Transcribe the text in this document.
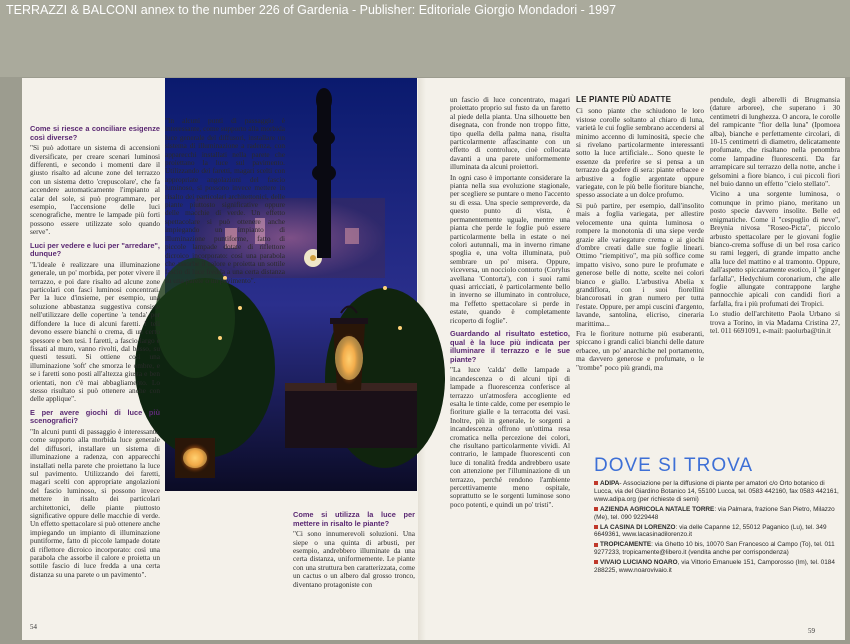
TERRAZZI & BALCONI annex to the number 226 of Gardenia - Publisher: Editoriale Giorgio Mondadori - 1997
Come si riesce a conciliare esigenze così diverse?

"Si può adottare un sistema di accensioni diversificate, per creare scenari luminosi differenti, e secondo i momenti dare il giusto risalto ad alcune zone del terrazzo con un sistema detto 'crepuscolare', che fa accendere automaticamente l'impianto al calar del sole, si può programmare, per esempio, l'accensione delle luci scenografiche, mentre le lampade più forti possono essere utilizzate solo quando serve".

Luci per vedere e luci per "arredare", dunque?

"L'ideale è realizzare una illuminazione generale, un po' morbida, per poter vivere il terrazzo, e poi dare risalto ad alcune zone particolari con fasci luminosi concentrati. Per la luce d'insieme, per esempio, una soluzione abbastanza suggestiva consiste nell'utilizzare delle copertine 'a tenda' per diffondere la luce di alcuni faretti. I teli devono essere bianchi o crema, di un certo spessore e ben tesi. I faretti, a fascio largo e fissati al muro, vanno rivolti, dal basso, su questi tessuti. Si ottiene così una illuminazione 'soft' che smorza le ombre, e se i faretti sono posti all'altezza giusta e ben orientati, non c'è mai abbagliamento. Lo stesso risultato si può ottenere anche con delle applique".

E per avere giochi di luce più scenografici?

"In alcuni punti di passaggio è interessante, come supporto alla morbida luce generale del diffusori, installare un sistema di illuminazione a radenza, con apparecchi installati nella parete che proiettano la luce sul pavimento. Utilizzando dei faretti, magari scelti con appropriate angolazioni del fascio luminoso, si possono invece mettere in risalto dei particolari architettonici, delle piante piuttosto significative oppure delle macchie di verde. Un effetto spettacolare si può ottenere anche impiegando un impianto di illuminazione puntiforme, fatto di piccole lampade dotate di riflettore dicroico incorporato: così una parabola che assorbe il calore e proietta un sottile fascio di luce fredda a una certa distanza su una parete o un pavimento".

"In alcuni punti di passaggio è interessante, come supporto alla morbida luce generale del diffusori, installare un sistema di illuminazione a radenza, con apparecchi installati nella parete che proiettano la luce sul pavimento. Utilizzando dei faretti, magari scelti con appropriate angolazioni del fascio luminoso, si possono invece mettere in risalto dei particolari architettonici, delle piante piuttosto significative oppure delle macchie di verde. Un effetto spettacolare si può ottenere anche impiegando un impianto di illuminazione puntiforme, fatto di piccole lampade dotate di riflettore dicroico incorporato: così una parabola che assorbe il calore e proietta un sottile fascio di luce fredda a una certa distanza su una parete o un pavimento".

Come si utilizza la luce per mettere in risalto le piante?

"Ci sono innumerevoli soluzioni. Una siepe o una quinta di arbusti, per esempio, andrebbero illuminate da una certa distanza, uniformemente. Le piante con una struttura ben caratterizzata, come un cactus o un albero dal grosso tronco, diventano protagoniste con

54

un fascio di luce concentrato, magari proiettato proprio sul fusto da un faretto al piede della pianta. Una silhouette ben disegnata, con fronde non troppo fitte, tipo quella della palma nana, risulta particolarmente affascinante con un effetto di controluce, cioè collocata davanti a una parete uniformemente illuminata da alcuni proiettori.

In ogni caso è importante considerare la pianta nella sua evoluzione stagionale, per scegliere se puntare o meno l'accento su di essa. Una specie sempreverde, da questo punto di vista, è permanentemente uguale, mentre una pianta che perde le foglie può essere particolarmente bella in estate o nei colori autunnali, ma in inverno rimane spoglia e, una volta illuminata, può sembrare un po' misera. Oppure, viceversa, un nocciolo contorto (Corylus avellana 'Contorta'), con i suoi rami quasi arricciati, è particolarmente bello in inverno se illuminato in controluce, ma l'effetto spettacolare si perde in estate, quando è completamente ricoperto di foglie".

Guardando al risultato estetico, qual è la luce più indicata per illuminare il terrazzo e le sue piante?

"La luce 'calda' delle lampade a incandescenza o di alcuni tipi di lampade a fluorescenza conferisce al terrazzo un'atmosfera accogliente ed esalta le tinte calde, come per esempio le fioriture gialle e la terracotta dei vasi. Inoltre, più in generale, le sorgenti a incandescenza offrono un'ottima resa cromatica nella percezione dei colori, che risultano particolarmente vividi. Al contrario, le lampade fluorescenti con luce di tonalità fredda andrebbero usate con attenzione per l'illuminazione di un terrazzo, perché rendono l'ambiente percettivamente meno ospitale, soprattutto se le sorgenti luminose sono poco potenti, e quindi un po' tristi".

LE PIANTE PIÙ ADATTE

Ci sono piante che schiudono le loro vistose corolle soltanto al chiaro di luna, varietà le cui foglie sembrano accendersi al minimo accenno di luminosità, specie che si rivelano particolarmente interessanti sotto la luce artificiale... Sono queste le essenze da preferire se si pensa a un terrazzo da godere di sera: piante erbacee e arbustive a foglie argentate oppure variegate, con le più belle fioriture bianche, spesso associate a un dolce profumo.

Si può partire, per esempio, dall'insolito mais a foglia variegata, per allestire velocemente una quinta luminosa o rompere la monotonia di una siepe verde grazie alle variegature crema e ai giochi d'ombre creati dalle sue foglie lineari. Ottimo "riempitivo", ma più soffice come impatto visivo, sono pure le profumate e generose belle di notte, scelte nei colori bianco e giallo. L'arbustiva Abelia x grandiflora, con i suoi fiorellini biancorosati in gran numero per tutta l'estate. Oppure, per ampi cuscini d'argento, lavande, santolina, elicriso, cineraria marittima...

Fra le fioriture notturne più esuberanti, spiccano i grandi calici bianchi delle dature erbacee, un po' anarchiche nel portamento, ma davvero generose e profumate, o le "trombe" poco più grandi, ma

pendule, degli alberelli di Brugmansia (dature arboree), che superano i 30 centimetri di lunghezza. O ancora, le corolle del rampicante "fior della luna" (Ipomoea alba), bianche e perfettamente circolari, di 10-15 centimetri di diametro, delicatamente profumate, che risaltano nella penombra come lampadine fluorescenti. Da far arrampicare sul terrazzo della notte, anche i gelsomini a fiore bianco, i cui piccoli fiori nel buio danno un effetto "cielo stellato".

Vicino a una sorgente luminosa, o comunque in primo piano, meritano un posto specie davvero insolite. Belle ed enigmatiche. Come il "cespuglio di neve", Breynia nivosa "Roseo-Picta", piccolo arbusto spettacolare per le giovani foglie bianco-crema soffuse di un bel rosa carico su rami leggeri, di grande impatto anche alla luce del mattino e al tramonto. Oppure, dall'aspetto spiccatamente esotico, il "ginger farfalla", Hedychium coronarium, che alle foglie allungate contrappone larghe pannocchie apicali con candidi fiori a farfalla, fra i più profumati dei Tropici.

Lo studio dell'architetto Paola Urbano si trova a Torino, in via Madama Cristina 27, tel. 011 6691091, e-mail: paolurba@tin.it

DOVE SI TROVA
ADIPA- Associazione per la diffusione di piante per amatori c/o Orto botanico di Lucca, via del Giardino Botanico 14, 55100 Lucca, tel. 0583 442160, fax 0583 442161, www.adipa.org (per richieste di semi)
AZIENDA AGRICOLA NATALE TORRE: via Palmara, frazione San Pietro, Milazzo (Me), tel. 090 9229448
LA CASINA DI LORENZO: via delle Capanne 12, 55012 Paganico (Lu), tel. 349 6649361, www.lacasinadilorenzo.it
TROPICAMENTE: via Ghetto 10 bis, 10070 San Francesco al Campo (To), tel. 011 9277233, tropicamente@libero.it (vendita anche per corrispondenza)
VIVAIO LUCIANO NOARO, via Vittorio Emanuele 151, Camporosso (Im), tel. 0184 288225, www.noarovivaio.it
59
